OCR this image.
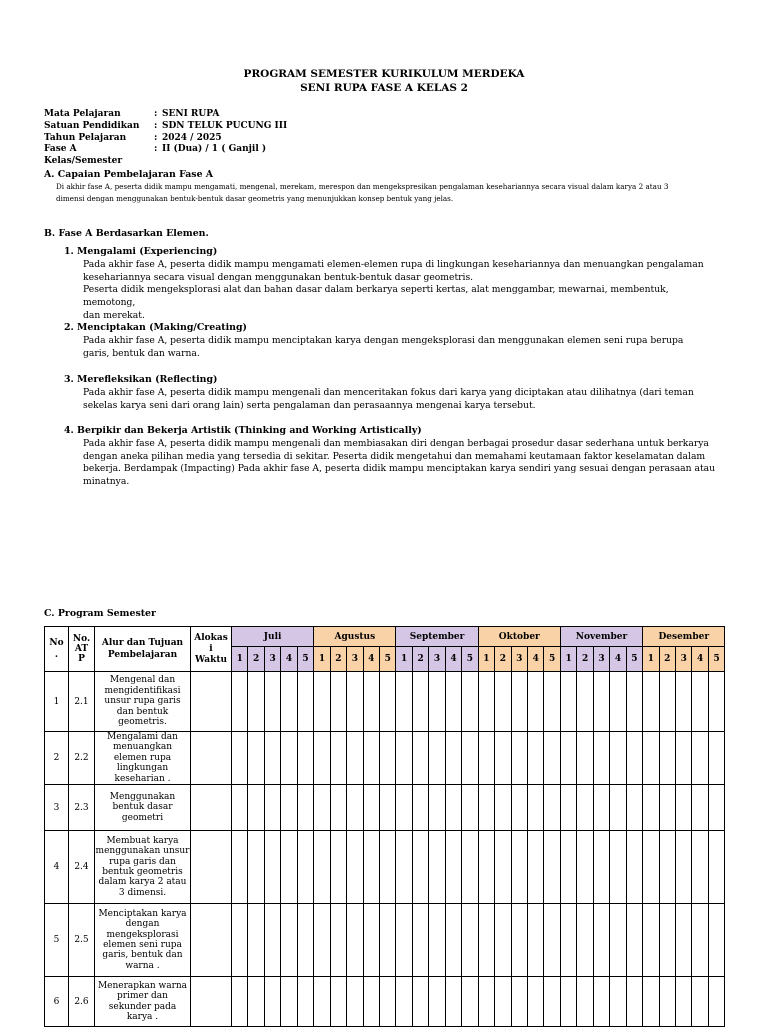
PROGRAM SEMESTER KURIKULUM MERDEKA
SENI RUPA FASE A KELAS 2
Mata Pelajaran	: SENI RUPA
Satuan Pendidikan	: SDN TELUK PUCUNG III
Tahun Pelajaran	: 2024 / 2025
Fase A Kelas/Semester
: II (Dua) / 1 ( Ganjil )
A. Capaian Pembelajaran Fase A
Di akhir fase A, peserta didik mampu mengamati, mengenal, merekam, merespon dan mengekspresikan pengalaman kesehariannya secara visual dalam karya 2 atau 3
dimensi dengan menggunakan bentuk-bentuk dasar geometris yang menunjukkan konsep bentuk yang jelas.
B. Fase A Berdasarkan Elemen.
1. Mengalami (Experiencing)

Pada akhir fase A, peserta didik mampu mengamati elemen-elemen rupa di lingkungan kesehariannya dan menuangkan pengalaman

kesehariannya secara visual dengan menggunakan bentuk-bentuk dasar geometris.

Peserta didik mengeksplorasi alat dan bahan dasar dalam berkarya seperti kertas, alat menggambar, mewarnai, membentuk, memotong,

dan merekat.

2. Menciptakan (Making/Creating)

Pada akhir fase A, peserta didik mampu menciptakan karya dengan mengeksplorasi dan menggunakan elemen seni rupa berupa

garis, bentuk dan warna.

3. Merefleksikan (Reflecting)

Pada akhir fase A, peserta didik mampu mengenali dan menceritakan fokus dari karya yang diciptakan atau dilihatnya (dari teman

sekelas karya seni dari orang lain) serta pengalaman dan perasaannya mengenai karya tersebut.

4. Berpikir dan Bekerja Artistik (Thinking and Working Artistically)

Pada akhir fase A, peserta didik mampu mengenali dan membiasakan diri dengan berbagai prosedur dasar sederhana untuk berkarya

dengan aneka pilihan media yang tersedia di sekitar. Peserta didik mengetahui dan memahami keutamaan faktor keselamatan dalam

bekerja. Berdampak (Impacting) Pada akhir fase A, peserta didik mampu menciptakan karya sendiri yang sesuai dengan perasaan atau

minatnya.

C. Program Semester
No
.	No.
AT
P	Alur dan Tujuan
Pembelajaran	Alokas
i
Waktu	Juli					Agustus					September					Oktober					November					Desember				
				1	2	3	4	5	1	2	3	4	5	1	2	3	4	5	1	2	3	4	5	1	2	3	4	5	1	2	3	4	5
1	2.1	Mengenal dan mengidentifikasi unsur rupa garis dan bentuk geometris.																															
2	2.2	Mengalami dan menuangkan elemen rupa lingkungan keseharian .																															
3	2.3	Menggunakan bentuk dasar geometri																															
4	2.4	Membuat karya menggunakan unsur rupa garis dan bentuk geometris dalam karya 2 atau 3 dimensi.																															
5	2.5	Menciptakan karya dengan mengeksplorasi elemen seni rupa garis, bentuk dan warna .																															
6	2.6	Menerapkan warna primer dan sekunder pada karya .																															
